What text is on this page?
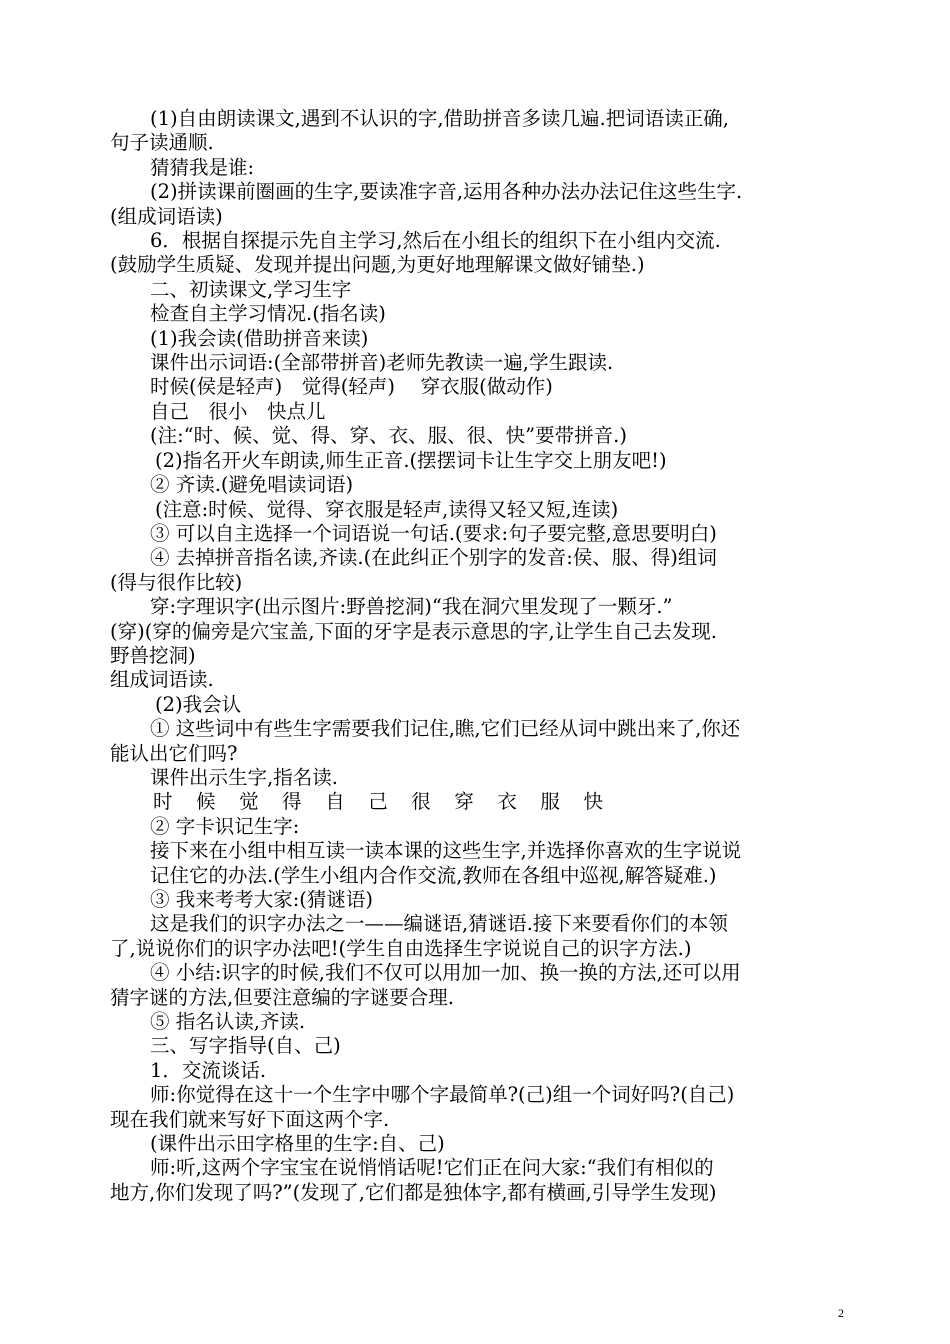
(1)自由朗读课文,遇到不认识的字,借助拼音多读几遍.把词语读正确,

句子读通顺.

猜猜我是谁:

(2)拼读课前圈画的生字,要读准字音,运用各种办法办法记住这些生字.

(组成词语读)

6．根据自探提示先自主学习,然后在小组长的组织下在小组内交流.

(鼓励学生质疑、发现并提出问题,为更好地理解课文做好铺垫.)

二、初读课文,学习生字

检查自主学习情况.(指名读)

(1)我会读(借助拼音来读)

课件出示词语:(全部带拼音)老师先教读一遍,学生跟读.

时候(侯是轻声)　觉得(轻声)　 穿衣服(做动作)

自己　很小　快点儿

(注:“时、候、觉、得、穿、衣、服、很、快”要带拼音.)

(2)指名开火车朗读,师生正音.(摆摆词卡让生字交上朋友吧!)

② 齐读.(避免唱读词语)

(注意:时候、觉得、穿衣服是轻声,读得又轻又短,连读)

③ 可以自主选择一个词语说一句话.(要求:句子要完整,意思要明白)

④ 去掉拼音指名读,齐读.(在此纠正个别字的发音:侯、服、得)组词

(得与很作比较)

穿:字理识字(出示图片:野兽挖洞)“我在洞穴里发现了一颗牙.”

(穿)(穿的偏旁是穴宝盖,下面的牙字是表示意思的字,让学生自己去发现.

野兽挖洞)

组成词语读.

(2)我会认

① 这些词中有些生字需要我们记住,瞧,它们已经从词中跳出来了,你还

能认出它们吗?

课件出示生字,指名读.

时 候 觉 得 自 己 很 穿 衣 服 快

② 字卡识记生字:

接下来在小组中相互读一读本课的这些生字,并选择你喜欢的生字说说

记住它的办法.(学生小组内合作交流,教师在各组中巡视,解答疑难.)

③ 我来考考大家:(猜谜语)

这是我们的识字办法之一——编谜语,猜谜语.接下来要看你们的本领

了,说说你们的识字办法吧!(学生自由选择生字说说自己的识字方法.)

④ 小结:识字的时候,我们不仅可以用加一加、换一换的方法,还可以用

猜字谜的方法,但要注意编的字谜要合理.

⑤ 指名认读,齐读.

三、写字指导(自、己)

1．交流谈话.

师:你觉得在这十一个生字中哪个字最简单?(己)组一个词好吗?(自己)

现在我们就来写好下面这两个字.

(课件出示田字格里的生字:自、己)

师:听,这两个字宝宝在说悄悄话呢!它们正在问大家:“我们有相似的

地方,你们发现了吗?”(发现了,它们都是独体字,都有横画,引导学生发现)

2
